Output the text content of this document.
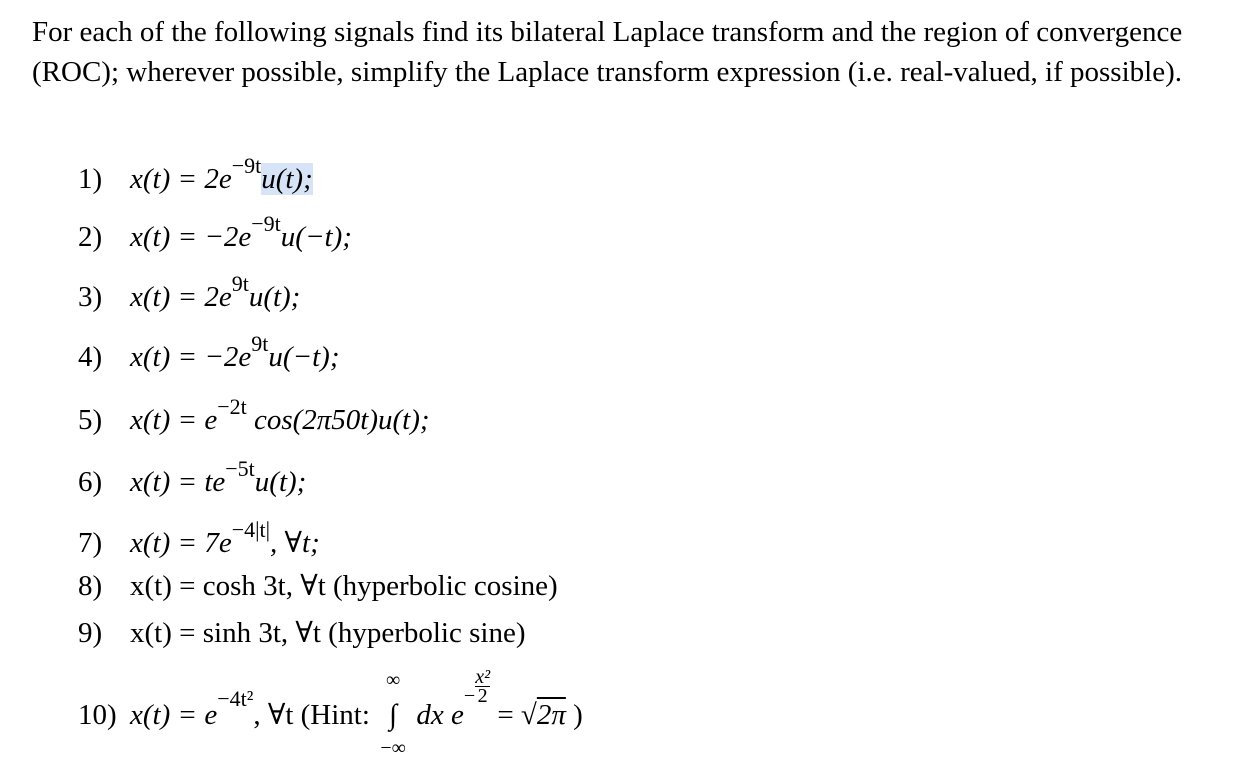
For each of the following signals find its bilateral Laplace transform and the region of convergence (ROC); wherever possible, simplify the Laplace transform expression (i.e. real-valued, if possible).
1) $x(t) = 2e^{-9t}u(t)$;
2) $x(t) = -2e^{-9t}u(-t)$;
3) $x(t) = 2e^{9t}u(t)$;
4) $x(t) = -2e^{9t}u(-t)$;
5) $x(t) = e^{-2t}$ cos(2π50t)u(t);
6) $x(t) = te^{-5t}u(t)$;
7) $x(t) = 7e^{-4|t|}$, ∀t;
8) x(t) = cosh 3t, ∀t (hyperbolic cosine)
9) x(t) = sinh 3t, ∀t (hyperbolic sine)
10) $x(t) = e^{-4t^2}$, ∀t (Hint:
∞
∫
−∞
dx $e^- \frac{\text{x²}}{2}$
= √2π )
